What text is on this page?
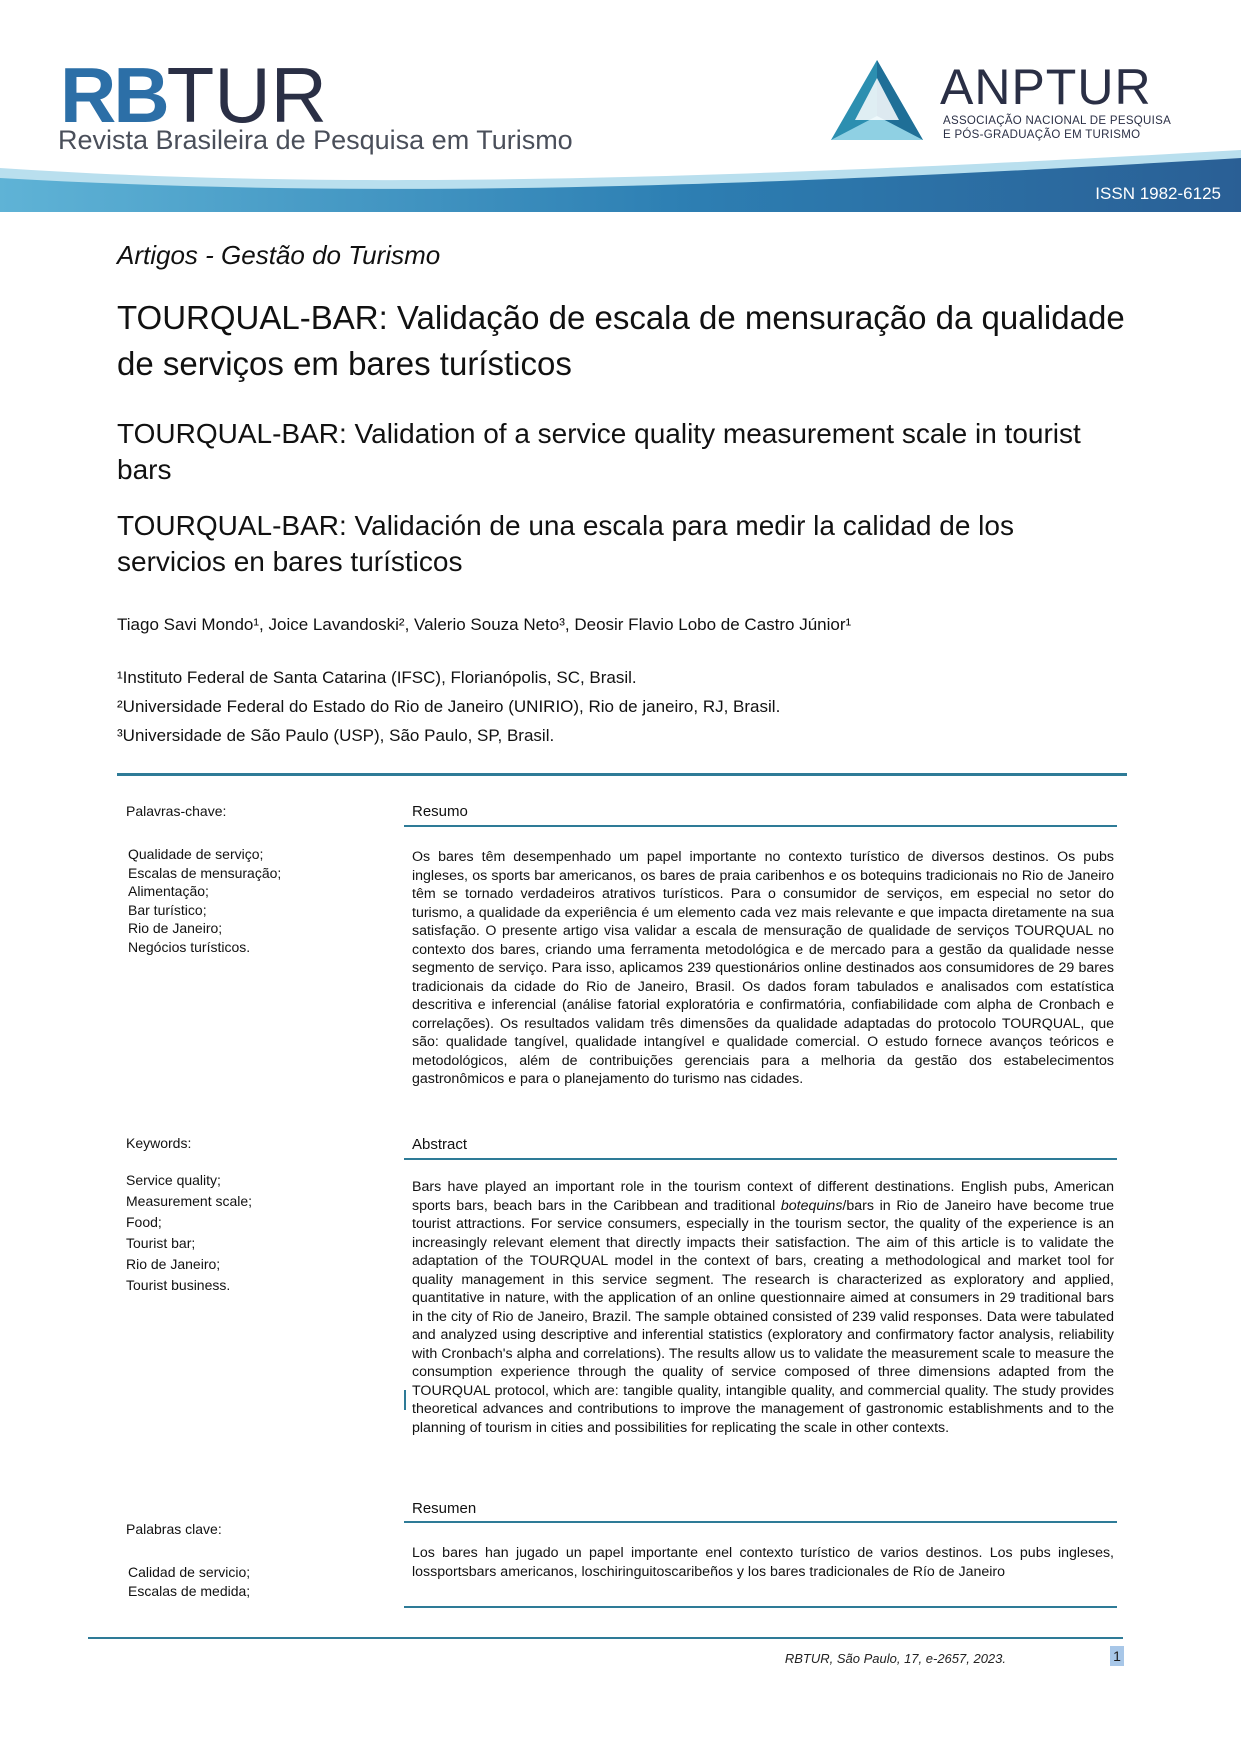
RBTUR
Revista Brasileira de Pesquisa em Turismo
ANPTUR
ASSOCIAÇÃO NACIONAL DE PESQUISA
E PÓS-GRADUAÇÃO EM TURISMO
ISSN 1982-6125
Artigos - Gestão do Turismo
TOURQUAL-BAR: Validação de escala de mensuração da qualidade de serviços em bares turísticos
TOURQUAL-BAR: Validation of a service quality measurement scale in tourist bars
TOURQUAL-BAR: Validación de una escala para medir la calidad de los servicios en bares turísticos
Tiago Savi Mondo¹, Joice Lavandoski², Valerio Souza Neto³, Deosir Flavio Lobo de Castro Júnior¹
¹Instituto Federal de Santa Catarina (IFSC), Florianópolis, SC, Brasil.
²Universidade Federal do Estado do Rio de Janeiro (UNIRIO), Rio de janeiro, RJ, Brasil.
³Universidade de São Paulo (USP), São Paulo, SP, Brasil.
Palavras-chave:
Qualidade de serviço;
Escalas de mensuração;
Alimentação;
Bar turístico;
Rio de Janeiro;
Negócios turísticos.
Keywords:
Service quality;
Measurement scale;
Food;
Tourist bar;
Rio de Janeiro;
Tourist business.
Palabras clave:
Calidad de servicio;
Escalas de medida;
Resumo
Os bares têm desempenhado um papel importante no contexto turístico de diversos destinos. Os pubs ingleses, os sports bar americanos, os bares de praia caribenhos e os botequins tradicionais no Rio de Janeiro têm se tornado verdadeiros atrativos turísticos. Para o consumidor de serviços, em especial no setor do turismo, a qualidade da experiência é um elemento cada vez mais relevante e que impacta diretamente na sua satisfação. O presente artigo visa validar a escala de mensuração de qualidade de serviços TOURQUAL no contexto dos bares, criando uma ferramenta metodológica e de mercado para a gestão da qualidade nesse segmento de serviço. Para isso, aplicamos 239 questionários online destinados aos consumidores de 29 bares tradicionais da cidade do Rio de Janeiro, Brasil. Os dados foram tabulados e analisados com estatística descritiva e inferencial (análise fatorial exploratória e confirmatória, confiabilidade com alpha de Cronbach e correlações). Os resultados validam três dimensões da qualidade adaptadas do protocolo TOURQUAL, que são: qualidade tangível, qualidade intangível e qualidade comercial. O estudo fornece avanços teóricos e metodológicos, além de contribuições gerenciais para a melhoria da gestão dos estabelecimentos gastronômicos e para o planejamento do turismo nas cidades.
Abstract
Bars have played an important role in the tourism context of different destinations. English pubs, American sports bars, beach bars in the Caribbean and traditional botequins/bars in Rio de Janeiro have become true tourist attractions. For service consumers, especially in the tourism sector, the quality of the experience is an increasingly relevant element that directly impacts their satisfaction. The aim of this article is to validate the adaptation of the TOURQUAL model in the context of bars, creating a methodological and market tool for quality management in this service segment. The research is characterized as exploratory and applied, quantitative in nature, with the application of an online questionnaire aimed at consumers in 29 traditional bars in the city of Rio de Janeiro, Brazil. The sample obtained consisted of 239 valid responses. Data were tabulated and analyzed using descriptive and inferential statistics (exploratory and confirmatory factor analysis, reliability with Cronbach's alpha and correlations). The results allow us to validate the measurement scale to measure the consumption experience through the quality of service composed of three dimensions adapted from the TOURQUAL protocol, which are: tangible quality, intangible quality, and commercial quality. The study provides theoretical advances and contributions to improve the management of gastronomic establishments and to the planning of tourism in cities and possibilities for replicating the scale in other contexts.
Resumen
Los bares han jugado un papel importante enel contexto turístico de varios destinos. Los pubs ingleses, lossportsbars americanos, loschiringuitoscaribeños y los bares tradicionales de Río de Janeiro
RBTUR, São Paulo, 17, e-2657, 2023.	1
